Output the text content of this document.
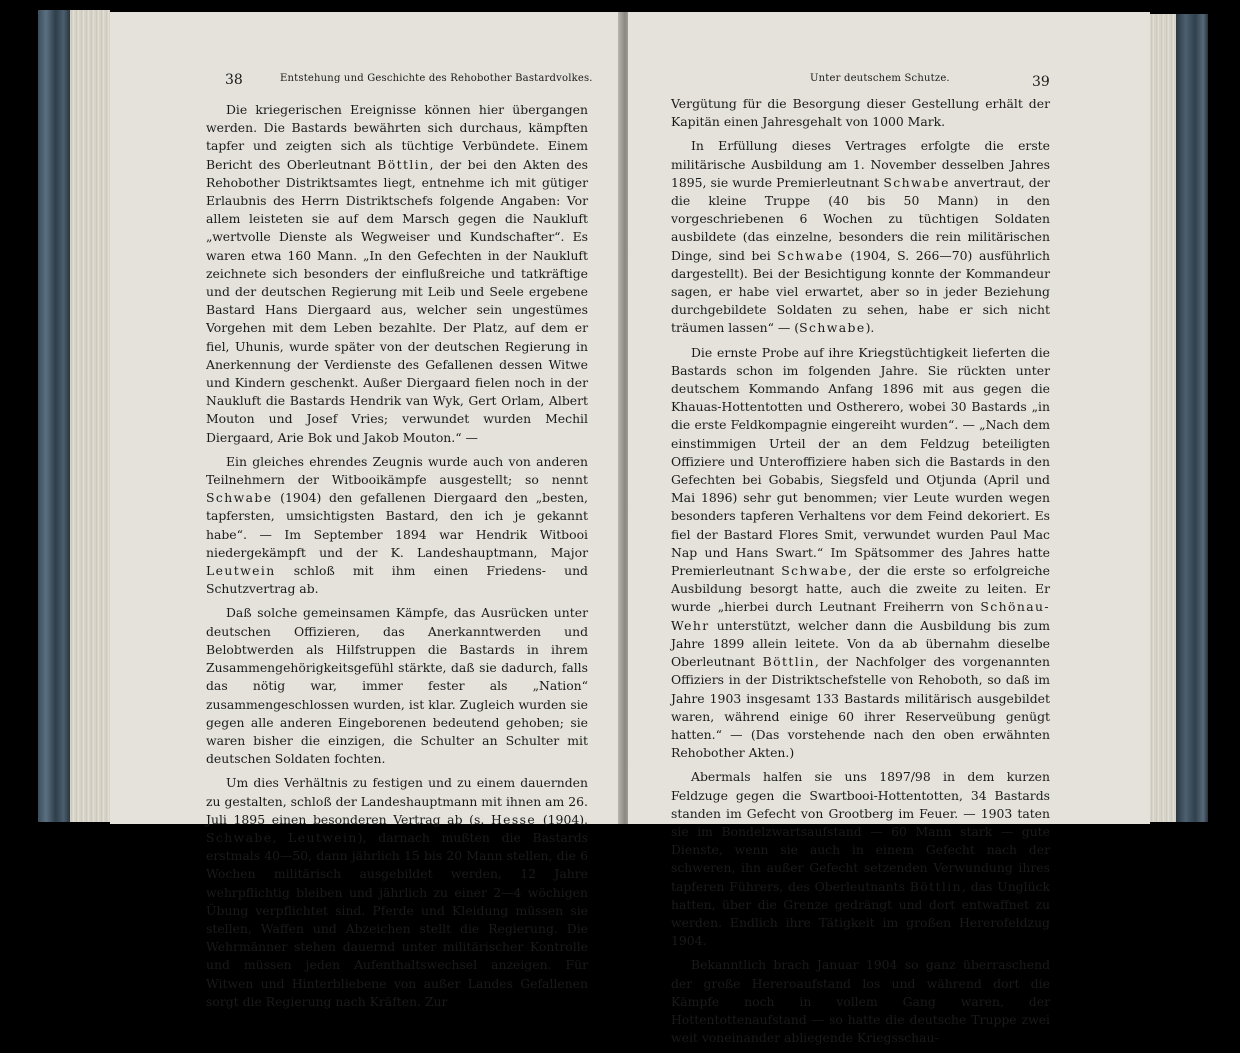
38	Entstehung und Geschichte des Rehobother Bastardvolkes.

Die kriegerischen Ereignisse können hier übergangen werden. Die Bastards bewährten sich durchaus, kämpften tapfer und zeigten sich als tüchtige Verbündete. Einem Bericht des Oberleutnant Böttlin, der bei den Akten des Rehobother Distriktsamtes liegt, entnehme ich mit gütiger Erlaubnis des Herrn Distriktschefs folgende Angaben: Vor allem leisteten sie auf dem Marsch gegen die Naukluft „wertvolle Dienste als Wegweiser und Kundschafter“. Es waren etwa 160 Mann. „In den Gefechten in der Naukluft zeichnete sich besonders der einflußreiche und tatkräftige und der deutschen Regierung mit Leib und Seele ergebene Bastard Hans Diergaard aus, welcher sein ungestümes Vorgehen mit dem Leben bezahlte. Der Platz, auf dem er fiel, Uhunis, wurde später von der deutschen Regierung in Anerkennung der Verdienste des Gefallenen dessen Witwe und Kindern geschenkt. Außer Diergaard fielen noch in der Naukluft die Bastards Hendrik van Wyk, Gert Orlam, Albert Mouton und Josef Vries; verwundet wurden Mechil Diergaard, Arie Bok und Jakob Mouton.“ —

Ein gleiches ehrendes Zeugnis wurde auch von anderen Teilnehmern der Witbooikämpfe ausgestellt; so nennt Schwabe (1904) den gefallenen Diergaard den „besten, tapfersten, umsichtigsten Bastard, den ich je gekannt habe“. — Im September 1894 war Hendrik Witbooi niedergekämpft und der K. Landeshauptmann, Major Leutwein schloß mit ihm einen Friedens- und Schutzvertrag ab.

Daß solche gemeinsamen Kämpfe, das Ausrücken unter deutschen Offizieren, das Anerkanntwerden und Belobtwerden als Hilfstruppen die Bastards in ihrem Zusammengehörigkeitsgefühl stärkte, daß sie dadurch, falls das nötig war, immer fester als „Nation“ zusammengeschlossen wurden, ist klar. Zugleich wurden sie gegen alle anderen Eingeborenen bedeutend gehoben; sie waren bisher die einzigen, die Schulter an Schulter mit deutschen Soldaten fochten.

Um dies Verhältnis zu festigen und zu einem dauernden zu gestalten, schloß der Landeshauptmann mit ihnen am 26. Juli 1895 einen besonderen Vertrag ab (s. Hesse (1904), Schwabe, Leutwein), darnach mußten die Bastards erstmals 40—50, dann jährlich 15 bis 20 Mann stellen, die 6 Wochen militärisch ausgebildet werden, 12 Jahre wehrpflichtig bleiben und jährlich zu einer 2—4 wöchigen Übung verpflichtet sind. Pferde und Kleidung müssen sie stellen, Waffen und Abzeichen stellt die Regierung. Die Wehrmänner stehen dauernd unter militärischer Kontrolle und müssen jeden Aufenthaltswechsel anzeigen. Für Witwen und Hinterbliebene von außer Landes Gefallenen sorgt die Regierung nach Kräften. Zur

Unter deutschem Schutze.	39

Vergütung für die Besorgung dieser Gestellung erhält der Kapitän einen Jahresgehalt von 1000 Mark.

In Erfüllung dieses Vertrages erfolgte die erste militärische Ausbildung am 1. November desselben Jahres 1895, sie wurde Premierleutnant Schwabe anvertraut, der die kleine Truppe (40 bis 50 Mann) in den vorgeschriebenen 6 Wochen zu tüchtigen Soldaten ausbildete (das einzelne, besonders die rein militärischen Dinge, sind bei Schwabe (1904, S. 266—70) ausführlich dargestellt). Bei der Besichtigung konnte der Kommandeur sagen, er habe viel erwartet, aber so in jeder Beziehung durchgebildete Soldaten zu sehen, habe er sich nicht träumen lassen“ — (Schwabe).

Die ernste Probe auf ihre Kriegstüchtigkeit lieferten die Bastards schon im folgenden Jahre. Sie rückten unter deutschem Kommando Anfang 1896 mit aus gegen die Khauas-Hottentotten und Ostherero, wobei 30 Bastards „in die erste Feldkompagnie eingereiht wurden“. — „Nach dem einstimmigen Urteil der an dem Feldzug beteiligten Offiziere und Unteroffiziere haben sich die Bastards in den Gefechten bei Gobabis, Siegsfeld und Otjunda (April und Mai 1896) sehr gut benommen; vier Leute wurden wegen besonders tapferen Verhaltens vor dem Feind dekoriert. Es fiel der Bastard Flores Smit, verwundet wurden Paul Mac Nap und Hans Swart.“ Im Spätsommer des Jahres hatte Premierleutnant Schwabe, der die erste so erfolgreiche Ausbildung besorgt hatte, auch die zweite zu leiten. Er wurde „hierbei durch Leutnant Freiherrn von Schönau-Wehr unterstützt, welcher dann die Ausbildung bis zum Jahre 1899 allein leitete. Von da ab übernahm dieselbe Oberleutnant Böttlin, der Nachfolger des vorgenannten Offiziers in der Distriktschefstelle von Rehoboth, so daß im Jahre 1903 insgesamt 133 Bastards militärisch ausgebildet waren, während einige 60 ihrer Reserveübung genügt hatten.“ — (Das vorstehende nach den oben erwähnten Rehobother Akten.)

Abermals halfen sie uns 1897/98 in dem kurzen Feldzuge gegen die Swartbooi-Hottentotten, 34 Bastards standen im Gefecht von Grootberg im Feuer. — 1903 taten sie im Bondelzwartsaufstand — 60 Mann stark — gute Dienste, wenn sie auch in einem Gefecht nach der schweren, ihn außer Gefecht setzenden Verwundung ihres tapferen Führers, des Oberleutnants Böttlin, das Unglück hatten, über die Grenze gedrängt und dort entwaffnet zu werden. Endlich ihre Tätigkeit im großen Hererofeldzug 1904.

Bekanntlich brach Januar 1904 so ganz überraschend der große Hereroaufstand los und während dort die Kämpfe noch in vollem Gang waren, der Hottentottenaufstand — so hatte die deutsche Truppe zwei weit voneinander abliegende Kriegsschau-
